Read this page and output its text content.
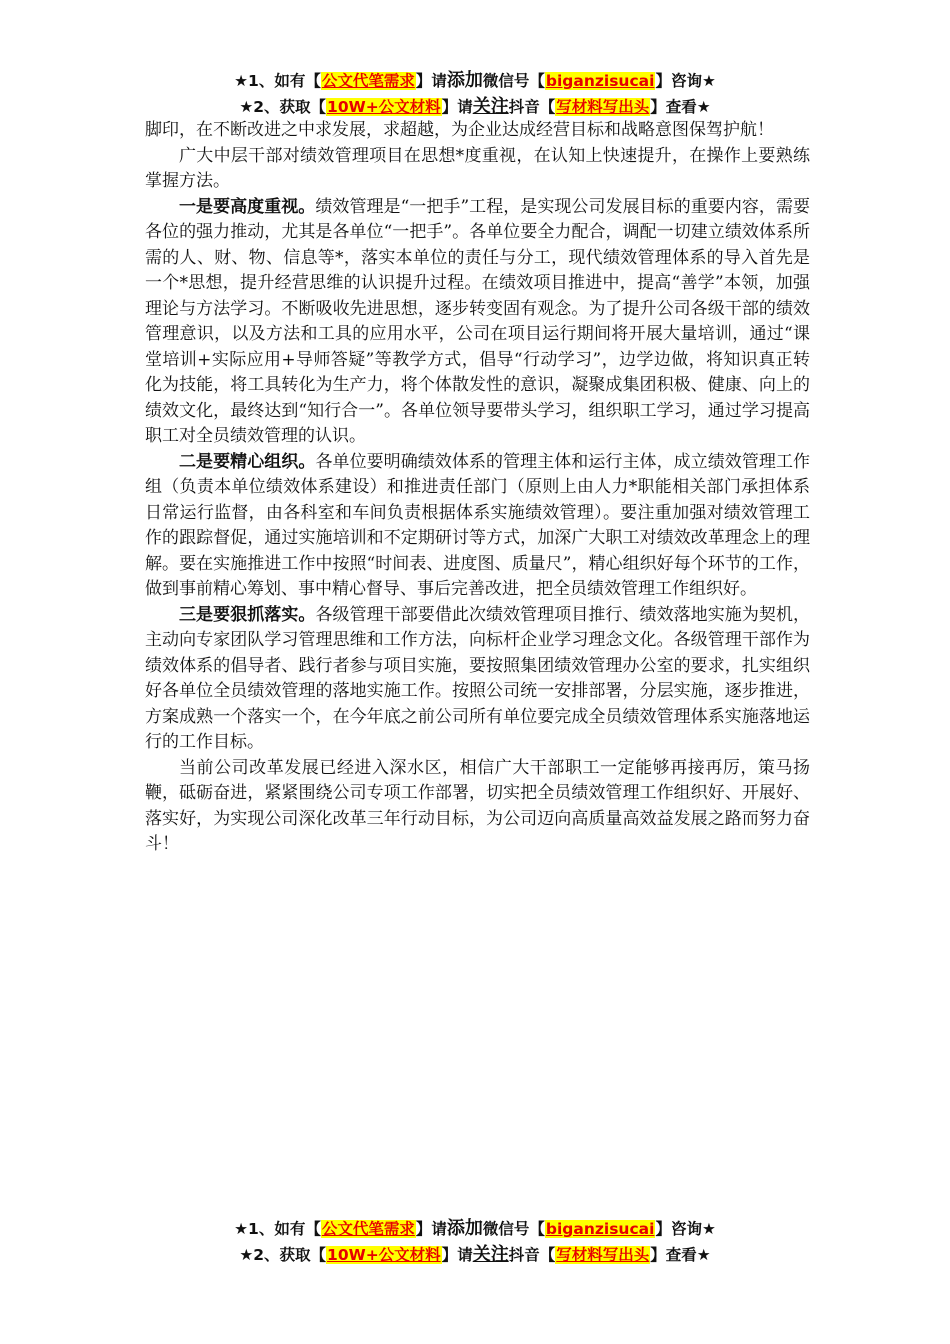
★1、如有【公文代笔需求】请添加微信号【biganzisucai】咨询★
★2、获取【10W+公文材料】请关注抖音【写材料写出头】查看★

脚印，在不断改进之中求发展，求超越，为企业达成经营目标和战略意图保驾护航！

广大中层干部对绩效管理项目在思想*度重视，在认知上快速提升，在操作上要熟练掌握方法。

一是要高度重视。绩效管理是“一把手”工程，是实现公司发展目标的重要内容，需要各位的强力推动，尤其是各单位“一把手”。各单位要全力配合，调配一切建立绩效体系所需的人、财、物、信息等*，落实本单位的责任与分工，现代绩效管理体系的导入首先是一个*思想，提升经营思维的认识提升过程。在绩效项目推进中，提高“善学”本领，加强理论与方法学习。不断吸收先进思想，逐步转变固有观念。为了提升公司各级干部的绩效管理意识，以及方法和工具的应用水平，公司在项目运行期间将开展大量培训，通过“课堂培训+实际应用+导师答疑”等教学方式，倡导“行动学习”，边学边做，将知识真正转化为技能，将工具转化为生产力，将个体散发性的意识，凝聚成集团积极、健康、向上的绩效文化，最终达到“知行合一”。各单位领导要带头学习，组织职工学习，通过学习提高职工对全员绩效管理的认识。

二是要精心组织。各单位要明确绩效体系的管理主体和运行主体，成立绩效管理工作组（负责本单位绩效体系建设）和推进责任部门（原则上由人力*职能相关部门承担体系日常运行监督，由各科室和车间负责根据体系实施绩效管理）。要注重加强对绩效管理工作的跟踪督促，通过实施培训和不定期研讨等方式，加深广大职工对绩效改革理念上的理解。要在实施推进工作中按照“时间表、进度图、质量尺”，精心组织好每个环节的工作，做到事前精心筹划、事中精心督导、事后完善改进，把全员绩效管理工作组织好。

三是要狠抓落实。各级管理干部要借此次绩效管理项目推行、绩效落地实施为契机，主动向专家团队学习管理思维和工作方法，向标杆企业学习理念文化。各级管理干部作为绩效体系的倡导者、践行者参与项目实施，要按照集团绩效管理办公室的要求，扎实组织好各单位全员绩效管理的落地实施工作。按照公司统一安排部署，分层实施，逐步推进，方案成熟一个落实一个，在今年底之前公司所有单位要完成全员绩效管理体系实施落地运行的工作目标。

当前公司改革发展已经进入深水区，相信广大干部职工一定能够再接再厉，策马扬鞭，砥砺奋进，紧紧围绕公司专项工作部署，切实把全员绩效管理工作组织好、开展好、落实好，为实现公司深化改革三年行动目标，为公司迈向高质量高效益发展之路而努力奋斗！

★1、如有【公文代笔需求】请添加微信号【biganzisucai】咨询★
★2、获取【10W+公文材料】请关注抖音【写材料写出头】查看★
